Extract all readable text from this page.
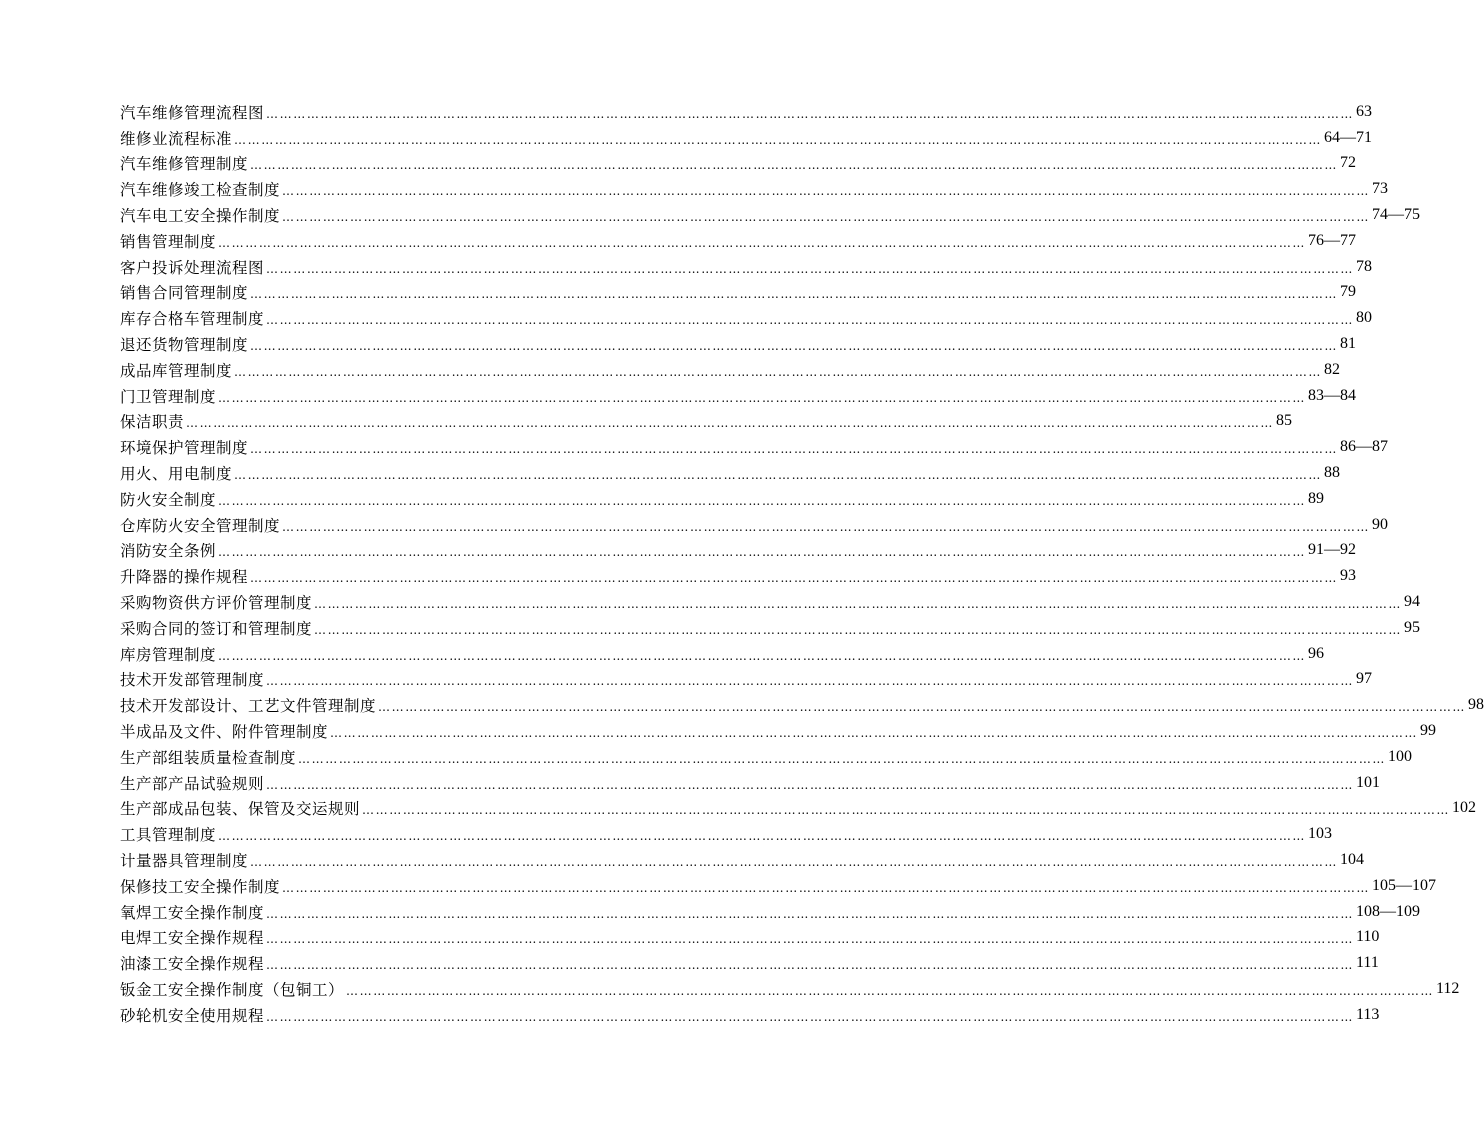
汽车维修管理流程图 …………………………………………………………………………………………………………………………………………………………………………………………………………………… 63
维修业流程标准 …………………………………………………………………………………………………………………………………………………………………………………………………………………… 64—71
汽车维修管理制度 …………………………………………………………………………………………………………………………………………………………………………………………………………………… 72
汽车维修竣工检查制度 …………………………………………………………………………………………………………………………………………………………………………………………………………………… 73
汽车电工安全操作制度 …………………………………………………………………………………………………………………………………………………………………………………………………………………… 74—75
销售管理制度 …………………………………………………………………………………………………………………………………………………………………………………………………………………… 76—77
客户投诉处理流程图 …………………………………………………………………………………………………………………………………………………………………………………………………………………… 78
销售合同管理制度 …………………………………………………………………………………………………………………………………………………………………………………………………………………… 79
库存合格车管理制度 …………………………………………………………………………………………………………………………………………………………………………………………………………………… 80
退还货物管理制度 …………………………………………………………………………………………………………………………………………………………………………………………………………………… 81
成品库管理制度 …………………………………………………………………………………………………………………………………………………………………………………………………………………… 82
门卫管理制度 …………………………………………………………………………………………………………………………………………………………………………………………………………………… 83—84
保洁职责 …………………………………………………………………………………………………………………………………………………………………………………………………………………… 85
环境保护管理制度 …………………………………………………………………………………………………………………………………………………………………………………………………………………… 86—87
用火、用电制度 …………………………………………………………………………………………………………………………………………………………………………………………………………………… 88
防火安全制度 …………………………………………………………………………………………………………………………………………………………………………………………………………………… 89
仓库防火安全管理制度 …………………………………………………………………………………………………………………………………………………………………………………………………………………… 90
消防安全条例 …………………………………………………………………………………………………………………………………………………………………………………………………………………… 91—92
升降器的操作规程 …………………………………………………………………………………………………………………………………………………………………………………………………………………… 93
采购物资供方评价管理制度 …………………………………………………………………………………………………………………………………………………………………………………………………………………… 94
采购合同的签订和管理制度 …………………………………………………………………………………………………………………………………………………………………………………………………………………… 95
库房管理制度 …………………………………………………………………………………………………………………………………………………………………………………………………………………… 96
技术开发部管理制度 …………………………………………………………………………………………………………………………………………………………………………………………………………………… 97
技术开发部设计、工艺文件管理制度 …………………………………………………………………………………………………………………………………………………………………………………………………………………… 98
半成品及文件、附件管理制度 …………………………………………………………………………………………………………………………………………………………………………………………………………………… 99
生产部组装质量检查制度 …………………………………………………………………………………………………………………………………………………………………………………………………………………… 100
生产部产品试验规则 …………………………………………………………………………………………………………………………………………………………………………………………………………………… 101
生产部成品包装、保管及交运规则 …………………………………………………………………………………………………………………………………………………………………………………………………………………… 102
工具管理制度 …………………………………………………………………………………………………………………………………………………………………………………………………………………… 103
计量器具管理制度 …………………………………………………………………………………………………………………………………………………………………………………………………………………… 104
保修技工安全操作制度 …………………………………………………………………………………………………………………………………………………………………………………………………………………… 105—107
氧焊工安全操作制度 …………………………………………………………………………………………………………………………………………………………………………………………………………………… 108—109
电焊工安全操作规程 …………………………………………………………………………………………………………………………………………………………………………………………………………………… 110
油漆工安全操作规程 …………………………………………………………………………………………………………………………………………………………………………………………………………………… 111
钣金工安全操作制度（包铜工） …………………………………………………………………………………………………………………………………………………………………………………………………………………… 112
砂轮机安全使用规程 …………………………………………………………………………………………………………………………………………………………………………………………………………………… 113
